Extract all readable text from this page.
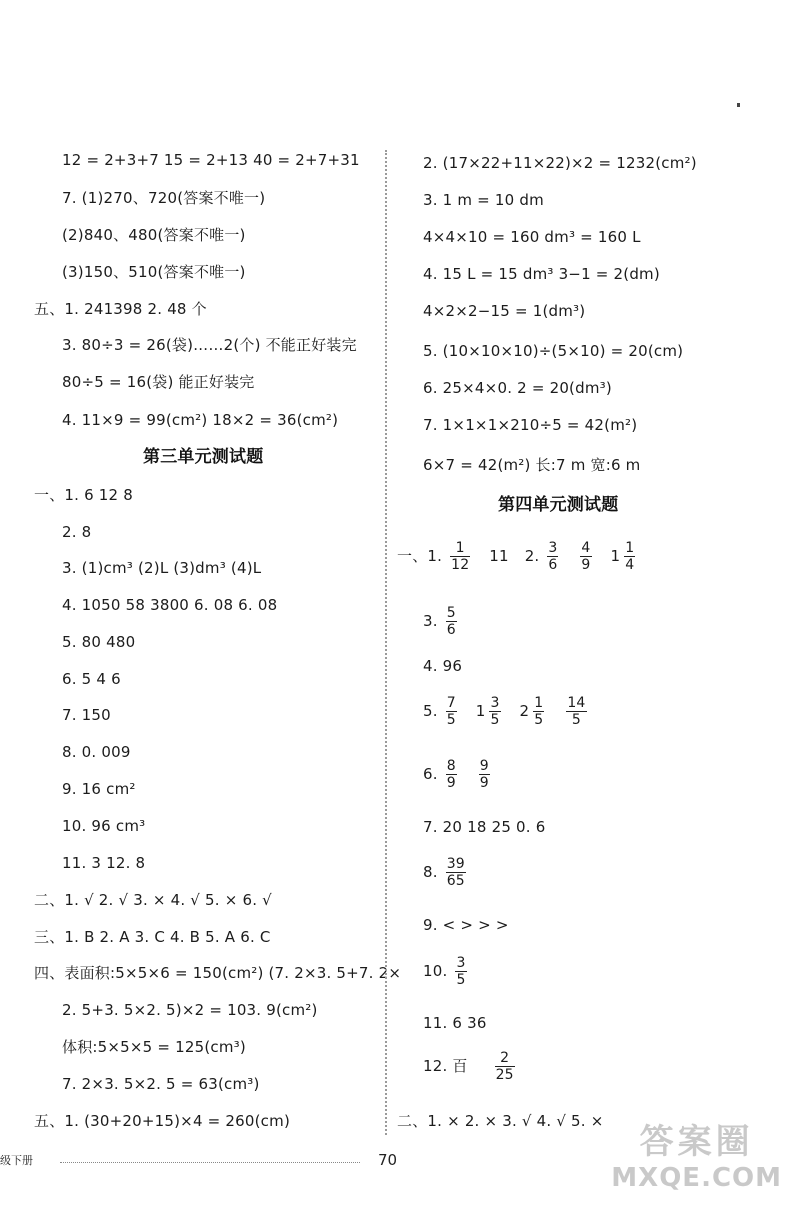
12 = 2+3+7 15 = 2+13 40 = 2+7+31
7. (1)270、720(答案不唯一)
(2)840、480(答案不唯一)
(3)150、510(答案不唯一)
五、1. 241398 2. 48 个
3. 80÷3 = 26(袋)……2(个) 不能正好装完
80÷5 = 16(袋) 能正好装完
4. 11×9 = 99(cm²) 18×2 = 36(cm²)
第三单元测试题
一、1. 6 12 8
2. 8
3. (1)cm³ (2)L (3)dm³ (4)L
4. 1050 58 3800 6. 08 6. 08
5. 80 480
6. 5 4 6
7. 150
8. 0. 009
9. 16 cm²
10. 96 cm³
11. 3 12. 8
二、1. √ 2. √ 3. × 4. √ 5. × 6. √
三、1. B 2. A 3. C 4. B 5. A 6. C
四、表面积:5×5×6 = 150(cm²) (7. 2×3. 5+7. 2×
2. 5+3. 5×2. 5)×2 = 103. 9(cm²)
体积:5×5×5 = 125(cm³)
7. 2×3. 5×2. 5 = 63(cm³)
五、1. (30+20+15)×4 = 260(cm)
2. (17×22+11×22)×2 = 1232(cm²)
3. 1 m = 10 dm
4×4×10 = 160 dm³ = 160 L
4. 15 L = 15 dm³ 3−1 = 2(dm)
4×2×2−15 = 1(dm³)
5. (10×10×10)÷(5×10) = 20(cm)
6. 25×4×0. 2 = 20(dm³)
7. 1×1×1×210÷5 = 42(m²)
6×7 = 42(m²) 长:7 m 宽:6 m
第四单元测试题
一、1. $\frac{1}{12} 11$ 2. $\frac{3}{6}$
$\frac{4}{9} 1 \frac{1}{4}$
3. $\frac{5}{6}$
4. 96
5. $\frac{7}{5} 1 \frac{3}{5} 2 \frac{1}{5}$
$\frac{14}{5}$
6. $\frac{8}{9}$
$\frac{9}{9}$
7. 20 18 25 0. 6
8. $\frac{39}{65}$
9. < > > >
10. $\frac{3}{5}$
11. 6 36
12. 百 $\frac{2}{25}$
二、1. × 2. × 3. √ 4. √ 5. ×
级下册	70	答案圈
MXQE.COM
